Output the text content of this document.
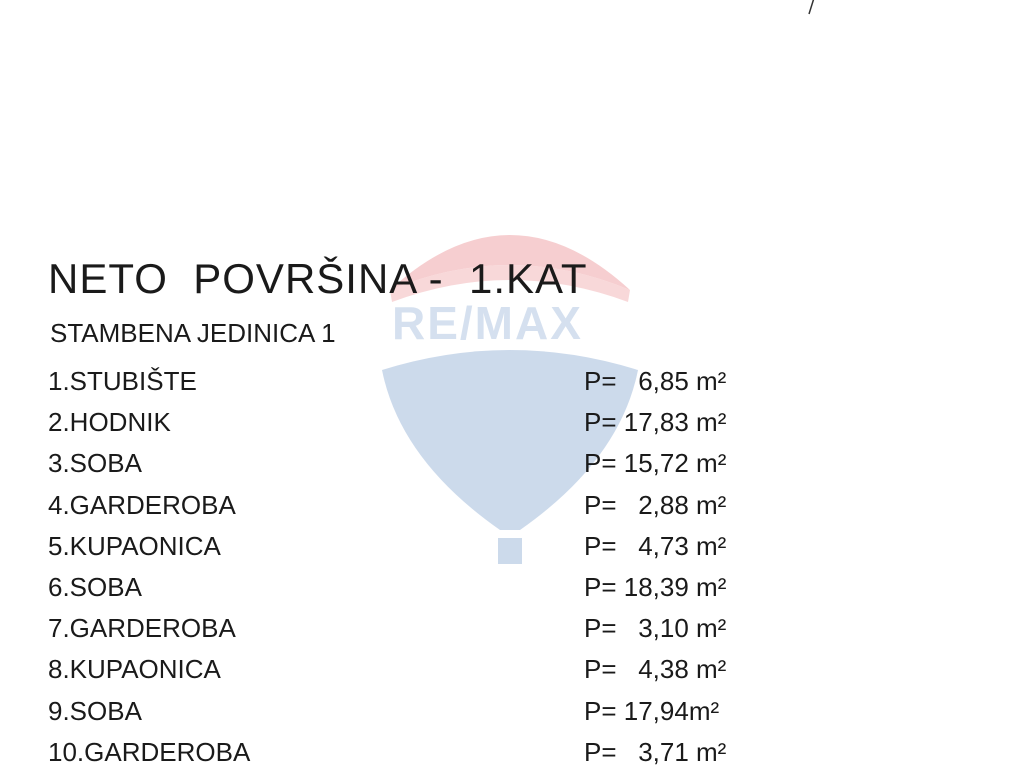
RE/MAX
NETO  POVRŠINA -  1.KAT
STAMBENA JEDINICA 1
1.STUBIŠTE	P=   6,85 m²
2.HODNIK	P= 17,83 m²
3.SOBA	P= 15,72 m²
4.GARDEROBA	P=   2,88 m²
5.KUPAONICA	P=   4,73 m²
6.SOBA	P= 18,39 m²
7.GARDEROBA	P=   3,10 m²
8.KUPAONICA	P=   4,38 m²
9.SOBA	P= 17,94m²
10.GARDEROBA	P=   3,71 m²
